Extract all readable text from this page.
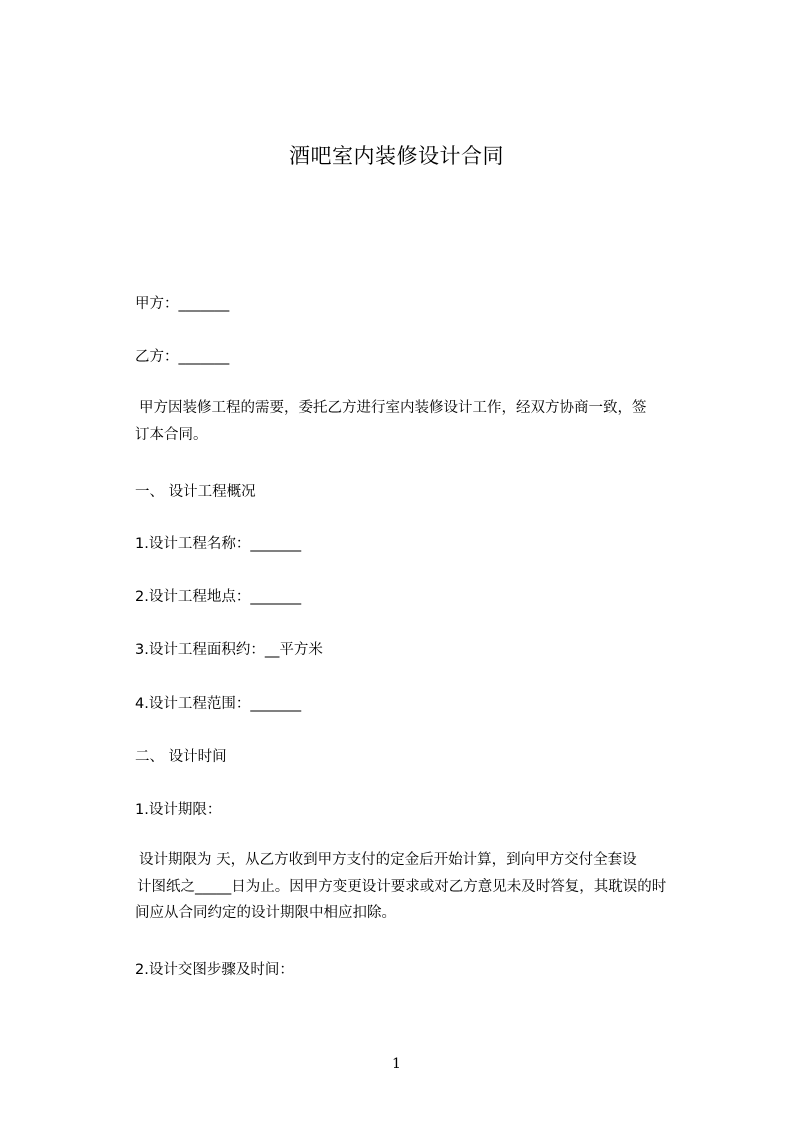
酒吧室内装修设计合同

甲方：_______

乙方：_______

甲方因装修工程的需要，委托乙方进行室内装修设计工作，经双方协商一致，签
订本合同。

一、 设计工程概况

1.设计工程名称：_______

2.设计工程地点：_______

3.设计工程面积约：__平方米

4.设计工程范围：_______

二、 设计时间

1.设计期限：

设计期限为 天，从乙方收到甲方支付的定金后开始计算，到向甲方交付全套设
计图纸之_____日为止。因甲方变更设计要求或对乙方意见未及时答复，其耽误的时
间应从合同约定的设计期限中相应扣除。

2.设计交图步骤及时间：

1
